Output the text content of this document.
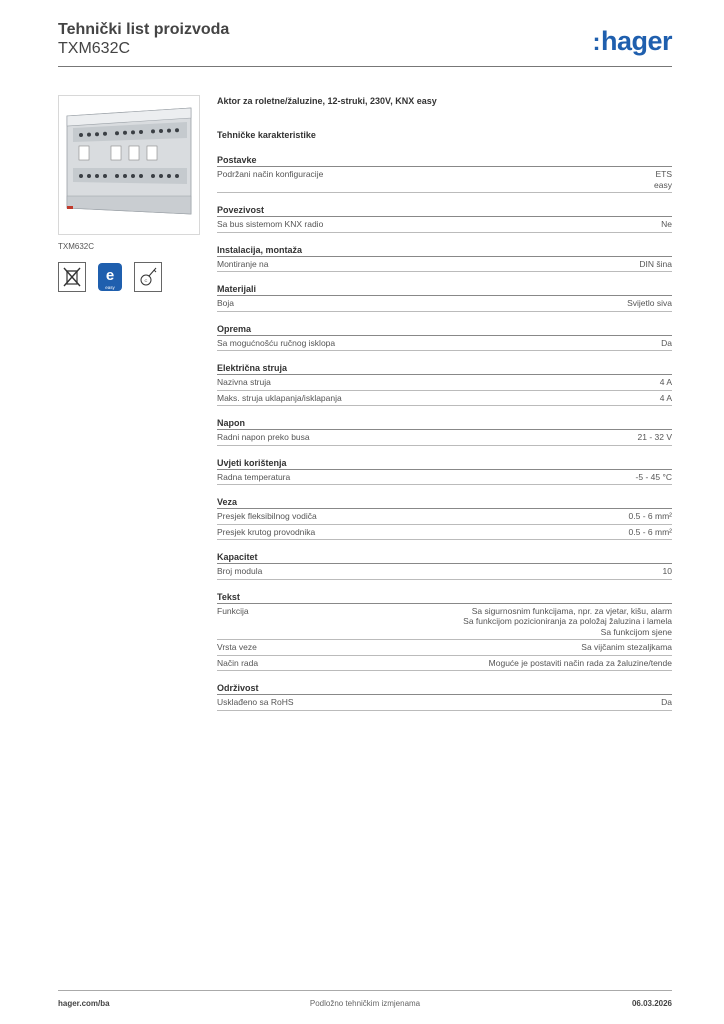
Tehnički list proizvoda
TXM632C	:hager
TXM632C
e
easy
C
Aktor za roletne/žaluzine, 12-struki, 230V, KNX easy
Tehničke karakteristike
Postavke
Podržani način konfiguracije	ETS
easy
Povezivost
Sa bus sistemom KNX radio	Ne
Instalacija, montaža
Montiranje na	DIN šina
Materijali
Boja	Svijetlo siva
Oprema
Sa mogućnošću ručnog isklopa	Da
Električna struja
Nazivna struja	4 A
Maks. struja uklapanja/isklapanja	4 A
Napon
Radni napon preko busa	21 - 32 V
Uvjeti korištenja
Radna temperatura	-5 - 45 °C
Veza
Presjek fleksibilnog vodiča	0.5 - 6 mm²
Presjek krutog provodnika	0.5 - 6 mm²
Kapacitet
Broj modula	10
Tekst
Funkcija	Sa sigurnosnim funkcijama, npr. za vjetar, kišu, alarm
Sa funkcijom pozicioniranja za položaj žaluzina i lamela
Sa funkcijom sjene
Vrsta veze	Sa vijčanim stezaljkama
Način rada	Moguće je postaviti način rada za žaluzine/tende
Održivost
Usklađeno sa RoHS	Da
hager.com/ba	Podložno tehničkim izmjenama	06.03.2026
